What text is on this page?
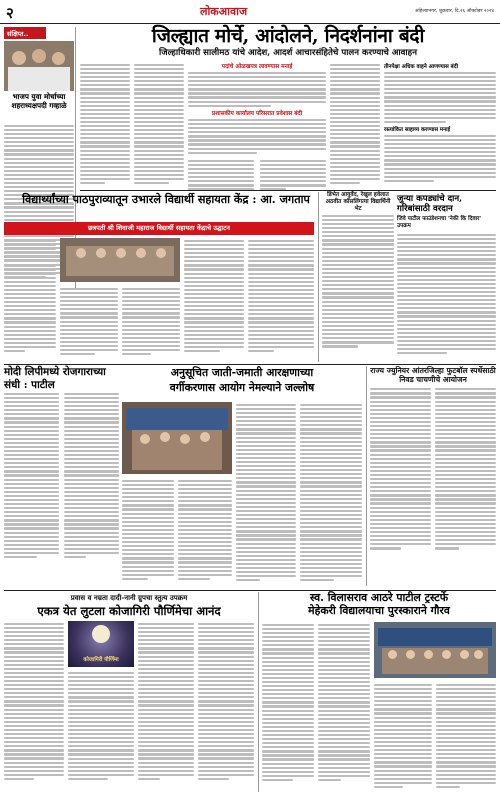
२	लोकआवाज	अहिल्यानगर, शुक्रवार, दि.२६ ऑक्टोबर २०२४
संक्षिप्त..
भाजप युवा मोर्चाच्या शहराध्यक्षपदी गव्हाळे
जिल्ह्यात मोर्चे, आंदोलने, निदर्शनांना बंदी
जिल्हाधिकारी सालीमठ यांचे आदेश, आदर्श आचारसंहितेचे पालन करण्याचे आवाहन
पदांचे ओळखपत्र लावण्यास मनाई
प्रशासकीय कार्यालय परिसरात प्रवेशास बंदी
तीनपेक्षा अधिक वाहने आणण्यास बंदी
रस्त्यांकित साहाय्य करण्यास मनाई
विद्यार्थ्यांच्या पाठपुराव्यातून उभारले विद्यार्थी सहायता केंद्र : आ. जगताप
छत्रपती श्री शिवाजी महाराज विद्यार्थी सहायता केंद्राचे उद्घाटन
डिंभेत आयुर्वेद, रेखुल हवेलात अठवीत कॉसलिंगत्या विद्यार्थिनी भेट
जुन्या कपड्यांचे दान, गरिबांसाठी वरदान
जिवे पाटील फाउंडेशनचा 'नेकी कि दिवार' उपक्रम
मोदी लिपीमध्ये रोजगाराच्या संधी : पाटील
अनुसूचित जाती-जमाती आरक्षणाच्या
वर्गीकरणास आयोग नेमल्याने जल्लोष
राज्य ज्युनियर आंतरजिल्हा फुटबॉल स्पर्धेसाठी निवड चाचणीचे आयोजन
प्रवास व नम्रता दादी-नानी ग्रुपचा स्तुत्य उपक्रम
एकत्र येत लुटला कोजागिरी पौर्णिमेचा आनंद
कोजागिरी पौर्णिमा
स्व. विलासराव आठरे पाटील ट्रस्टर्फे
मेहेकरी विद्यालयाचा पुरस्काराने गौरव
